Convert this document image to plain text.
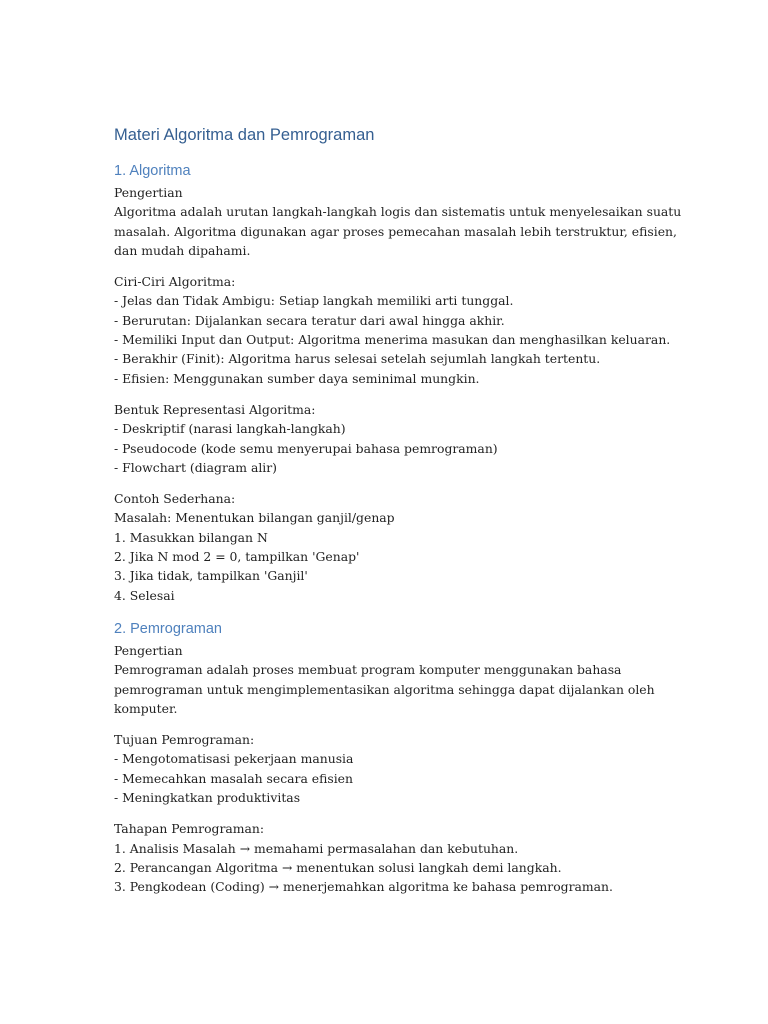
Materi Algoritma dan Pemrograman
1. Algoritma
Pengertian
Algoritma adalah urutan langkah-langkah logis dan sistematis untuk menyelesaikan suatu
masalah. Algoritma digunakan agar proses pemecahan masalah lebih terstruktur, efisien,
dan mudah dipahami.
Ciri-Ciri Algoritma:
- Jelas dan Tidak Ambigu: Setiap langkah memiliki arti tunggal.
- Berurutan: Dijalankan secara teratur dari awal hingga akhir.
- Memiliki Input dan Output: Algoritma menerima masukan dan menghasilkan keluaran.
- Berakhir (Finit): Algoritma harus selesai setelah sejumlah langkah tertentu.
- Efisien: Menggunakan sumber daya seminimal mungkin.
Bentuk Representasi Algoritma:
- Deskriptif (narasi langkah-langkah)
- Pseudocode (kode semu menyerupai bahasa pemrograman)
- Flowchart (diagram alir)
Contoh Sederhana:
Masalah: Menentukan bilangan ganjil/genap
1. Masukkan bilangan N
2. Jika N mod 2 = 0, tampilkan 'Genap'
3. Jika tidak, tampilkan 'Ganjil'
4. Selesai
2. Pemrograman
Pengertian
Pemrograman adalah proses membuat program komputer menggunakan bahasa
pemrograman untuk mengimplementasikan algoritma sehingga dapat dijalankan oleh
komputer.
Tujuan Pemrograman:
- Mengotomatisasi pekerjaan manusia
- Memecahkan masalah secara efisien
- Meningkatkan produktivitas
Tahapan Pemrograman:
1. Analisis Masalah → memahami permasalahan dan kebutuhan.
2. Perancangan Algoritma → menentukan solusi langkah demi langkah.
3. Pengkodean (Coding) → menerjemahkan algoritma ke bahasa pemrograman.
